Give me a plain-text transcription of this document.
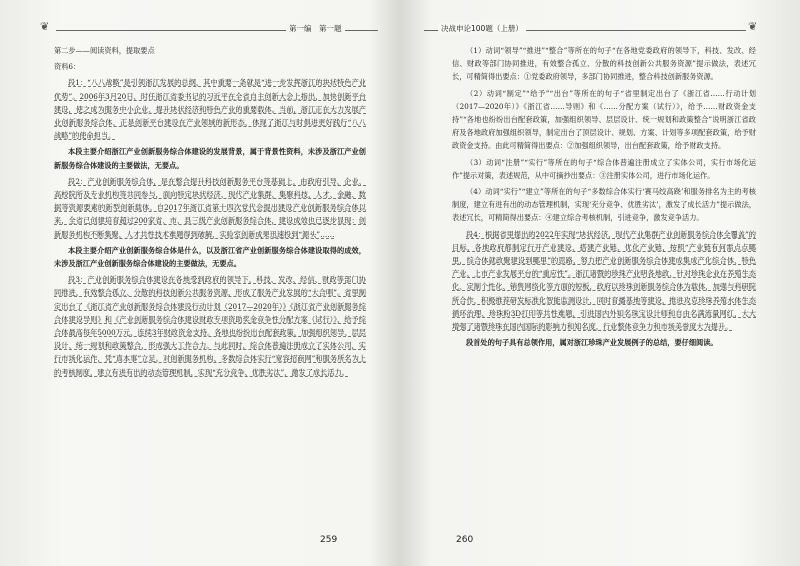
❦	第一编　第一题	决战申论100题（上册）	❦

第二步——阅读资料，提取要点

资料6：

段1：“八八战略”是引领浙江发展的总纲，其中重要一条就是“进一步发挥浙江的块状特色产业优势”。2006年3月20日，时任浙江省委书记的习近平在全省自主创新大会上指出，加快创新平台建设，使之成为服务中小企业、提升块状经济和特色产业的重要载体。当前，浙江正在大力发展产业创新服务综合体，正是创新平台建设在产业领域的新形态，体现了浙江与时俱进更好践行“八八战略”的使命担当。

本段主要介绍浙江产业创新服务综合体建设的发展背景，属于背景性资料，未涉及浙江产业创新服务综合体建设的主要做法，无要点。

段2：产业创新服务综合体，是在整合提升科技创新服务平台等基础上，由政府引导，企业、高校院所及专业机构等共同参与，面向特定块状经济、现代产业集群，集聚科技、人才、金融、数据等资源要素的新型创新载体。自2017年浙江省第十四次党代会提出建设产业创新服务综合体以来，全省已创建培育超过200家省、市、县三级产业创新服务综合体，建设成效也已逐步显现：创新服务机构不断集聚，人才共性技术难题得到破解，实验室创新成果迅速投到“源头”……

本段主要介绍产业创新服务综合体是什么，以及浙江省产业创新服务综合体建设取得的成效，未涉及浙江产业创新服务综合体建设的主要做法，无要点。

段3：产业创新服务综合体建设在各地受到政府的领导下，科技、发改、经信、财政等部门协同推进，有效整合孤立、分散的科技创新公共服务资源，形成了服务产业发展的“大合唱”。省里制定出台了《浙江省产业创新服务综合体建设行动计划（2017—2020年）》《浙江省产业创新服务综合体建设导则》和《产业创新服务综合体建设财政专项资助奖金竞争性分配方案（试行）》，给予综合体最高每年5000万元、连续3年财政资金支持。各地也纷纷出台配套政策，加强组织领导、层层设计、统一规划和政策整合，形成强大工作合力。与此同时，综合体普遍注册成立了实体公司，实行市场化运作，凭“真本事”立足。对创新服务机构、多数综合体实行“宽容招商网”和服务所名为上的考核制度，建立有进有出的动态管理机制，实现“充分竞争、优胜劣汰”，激发了成长活力。

259

（1）动词“领导”“推进”“整合”等所在的句子“在各地党委政府的领导下，科技、发改、经信、财政等部门协同推进，有效整合孤立、分散的科技创新公共服务资源”提示做法，表述冗长，可精简得出要点：①党委政府领导，多部门协同推进，整合科技创新服务资源。

（2）动词“制定”“给予”“出台”等所在的句子“省里制定出台了《浙江省……行动计划（2017—2020年）》《浙江省……导则》和《……分配方案（试行）》，给予……财政资金支持”“各地也纷纷出台配套政策，加强组织领导、层层设计、统一规划和政策整合”说明浙江省政府及各地政府加强组织领导，制定出台了顶层设计、规划、方案、计划等多项配套政策，给予财政资金支持。由此可精简得出要点：②加强组织领导，出台配套政策，给予财政支持。

（3）动词“注册”“实行”等所在的句子“综合体普遍注册成立了实体公司，实行市场化运作”提示对策，表述规范，从中可摘抄出要点：③注册实体公司，进行市场化运作。

（4）动词“实行”“建立”等所在的句子“多数综合体实行‘赛马绞高跷’和服务排名为主的考核制度，建立有进有出的动态管理机制，实现‘充分竞争、优胜劣汰’，激发了成长活力”提示做法，表述冗长，可精简得出要点：④建立综合考核机制，引进竞争，激发竞争活力。

段4：根据省里提出的2022年实现“块状经济、现代产业集群产业创新服务综合体全覆盖”的目标，各地政府都制定行开产业建设、搭建产业链、优化产业链，按照“产业链有何需点点哪里，综合体就政聚建设到哪里”的思路，努力把产业创新服务综合体建成集成产化综合体、特色产业、上市产业发展平台的“重应性”。浙江诸暨的珍珠产业明各地政、针对珍珠企业在养殖生态化、定制个性化、销售网络化等方面的短板，政府以珍珠创新服务综合体为载体，加强与科研院所合作，积极推荐研发标准化智能监测设计，同时育播基地等建设，推进攻克珍珠养殖水体生态循环治理、珍珠粉3D打印等共性难题，引进国内外知名珠宝设计师和自由名满流量网红，大大增强了诸暨珍珠在国内国际的影响力和知名度，行业整体竞争力和市场美誉度大为提升。

段首处的句子具有总领作用，属对浙江珍珠产业发展例子的总结，要仔细阅读。

260
